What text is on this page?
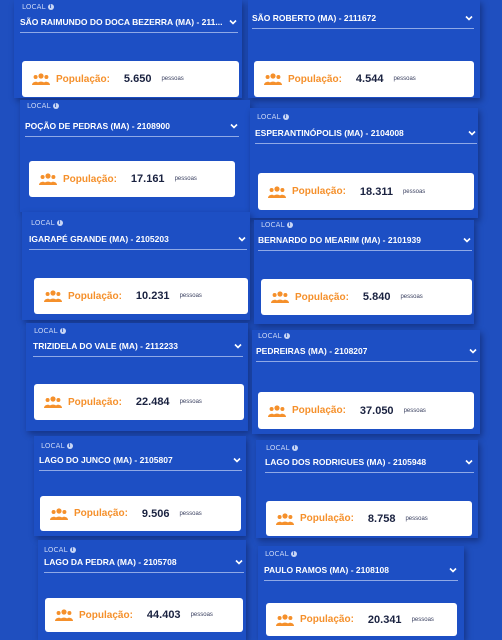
LOCAL i
SÃO RAIMUNDO DO DOCA BEZERRA (MA) - 211...
População: 5.650 pessoas
SÃO ROBERTO (MA) - 2111672
População: 4.544 pessoas
LOCAL i
POÇÃO DE PEDRAS (MA) - 2108900
População: 17.161 pessoas
LOCAL i
ESPERANTINÓPOLIS (MA) - 2104008
População: 18.311 pessoas
LOCAL i
IGARAPÉ GRANDE (MA) - 2105203
População: 10.231 pessoas
LOCAL i
BERNARDO DO MEARIM (MA) - 2101939
População: 5.840 pessoas
LOCAL i
TRIZIDELA DO VALE (MA) - 2112233
População: 22.484 pessoas
LOCAL i
PEDREIRAS (MA) - 2108207
População: 37.050 pessoas
LOCAL i
LAGO DO JUNCO (MA) - 2105807
População: 9.506 pessoas
LOCAL i
LAGO DOS RODRIGUES (MA) - 2105948
População: 8.758 pessoas
LOCAL i
LAGO DA PEDRA (MA) - 2105708
População: 44.403 pessoas
LOCAL i
PAULO RAMOS (MA) - 2108108
População: 20.341 pessoas
